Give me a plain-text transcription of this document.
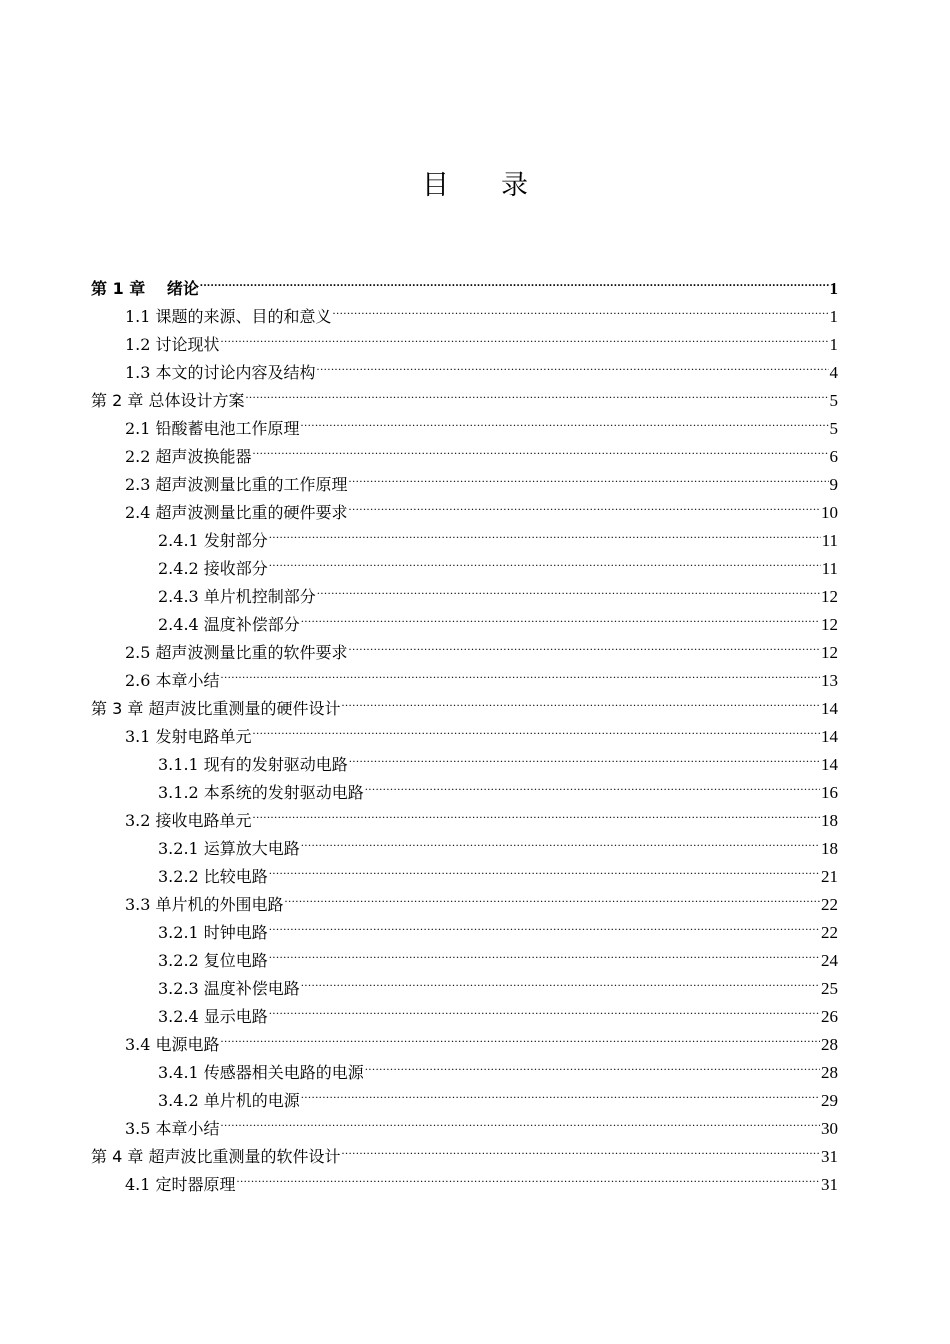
目 录
第 1 章　 绪论 .....	1
1.1 课题的来源、目的和意义 .....	1
1.2 讨论现状 .....	1
1.3 本文的讨论内容及结构 .....	4
第 2 章 总体设计方案 .....	5
2.1 铅酸蓄电池工作原理 .....	5
2.2 超声波换能器 .....	6
2.3 超声波测量比重的工作原理 .....	9
2.4 超声波测量比重的硬件要求 .....	10
2.4.1 发射部分 .....	11
2.4.2 接收部分 .....	11
2.4.3 单片机控制部分 .....	12
2.4.4 温度补偿部分 .....	12
2.5 超声波测量比重的软件要求 .....	12
2.6 本章小结 .....	13
第 3 章 超声波比重测量的硬件设计 .....	14
3.1 发射电路单元 .....	14
3.1.1 现有的发射驱动电路 .....	14
3.1.2 本系统的发射驱动电路 .....	16
3.2 接收电路单元 .....	18
3.2.1 运算放大电路 .....	18
3.2.2 比较电路 .....	21
3.3 单片机的外围电路 .....	22
3.2.1 时钟电路 .....	22
3.2.2 复位电路 .....	24
3.2.3 温度补偿电路 .....	25
3.2.4 显示电路 .....	26
3.4 电源电路 .....	28
3.4.1 传感器相关电路的电源 .....	28
3.4.2 单片机的电源 .....	29
3.5 本章小结 .....	30
第 4 章 超声波比重测量的软件设计 .....	31
4.1 定时器原理 .....	31
